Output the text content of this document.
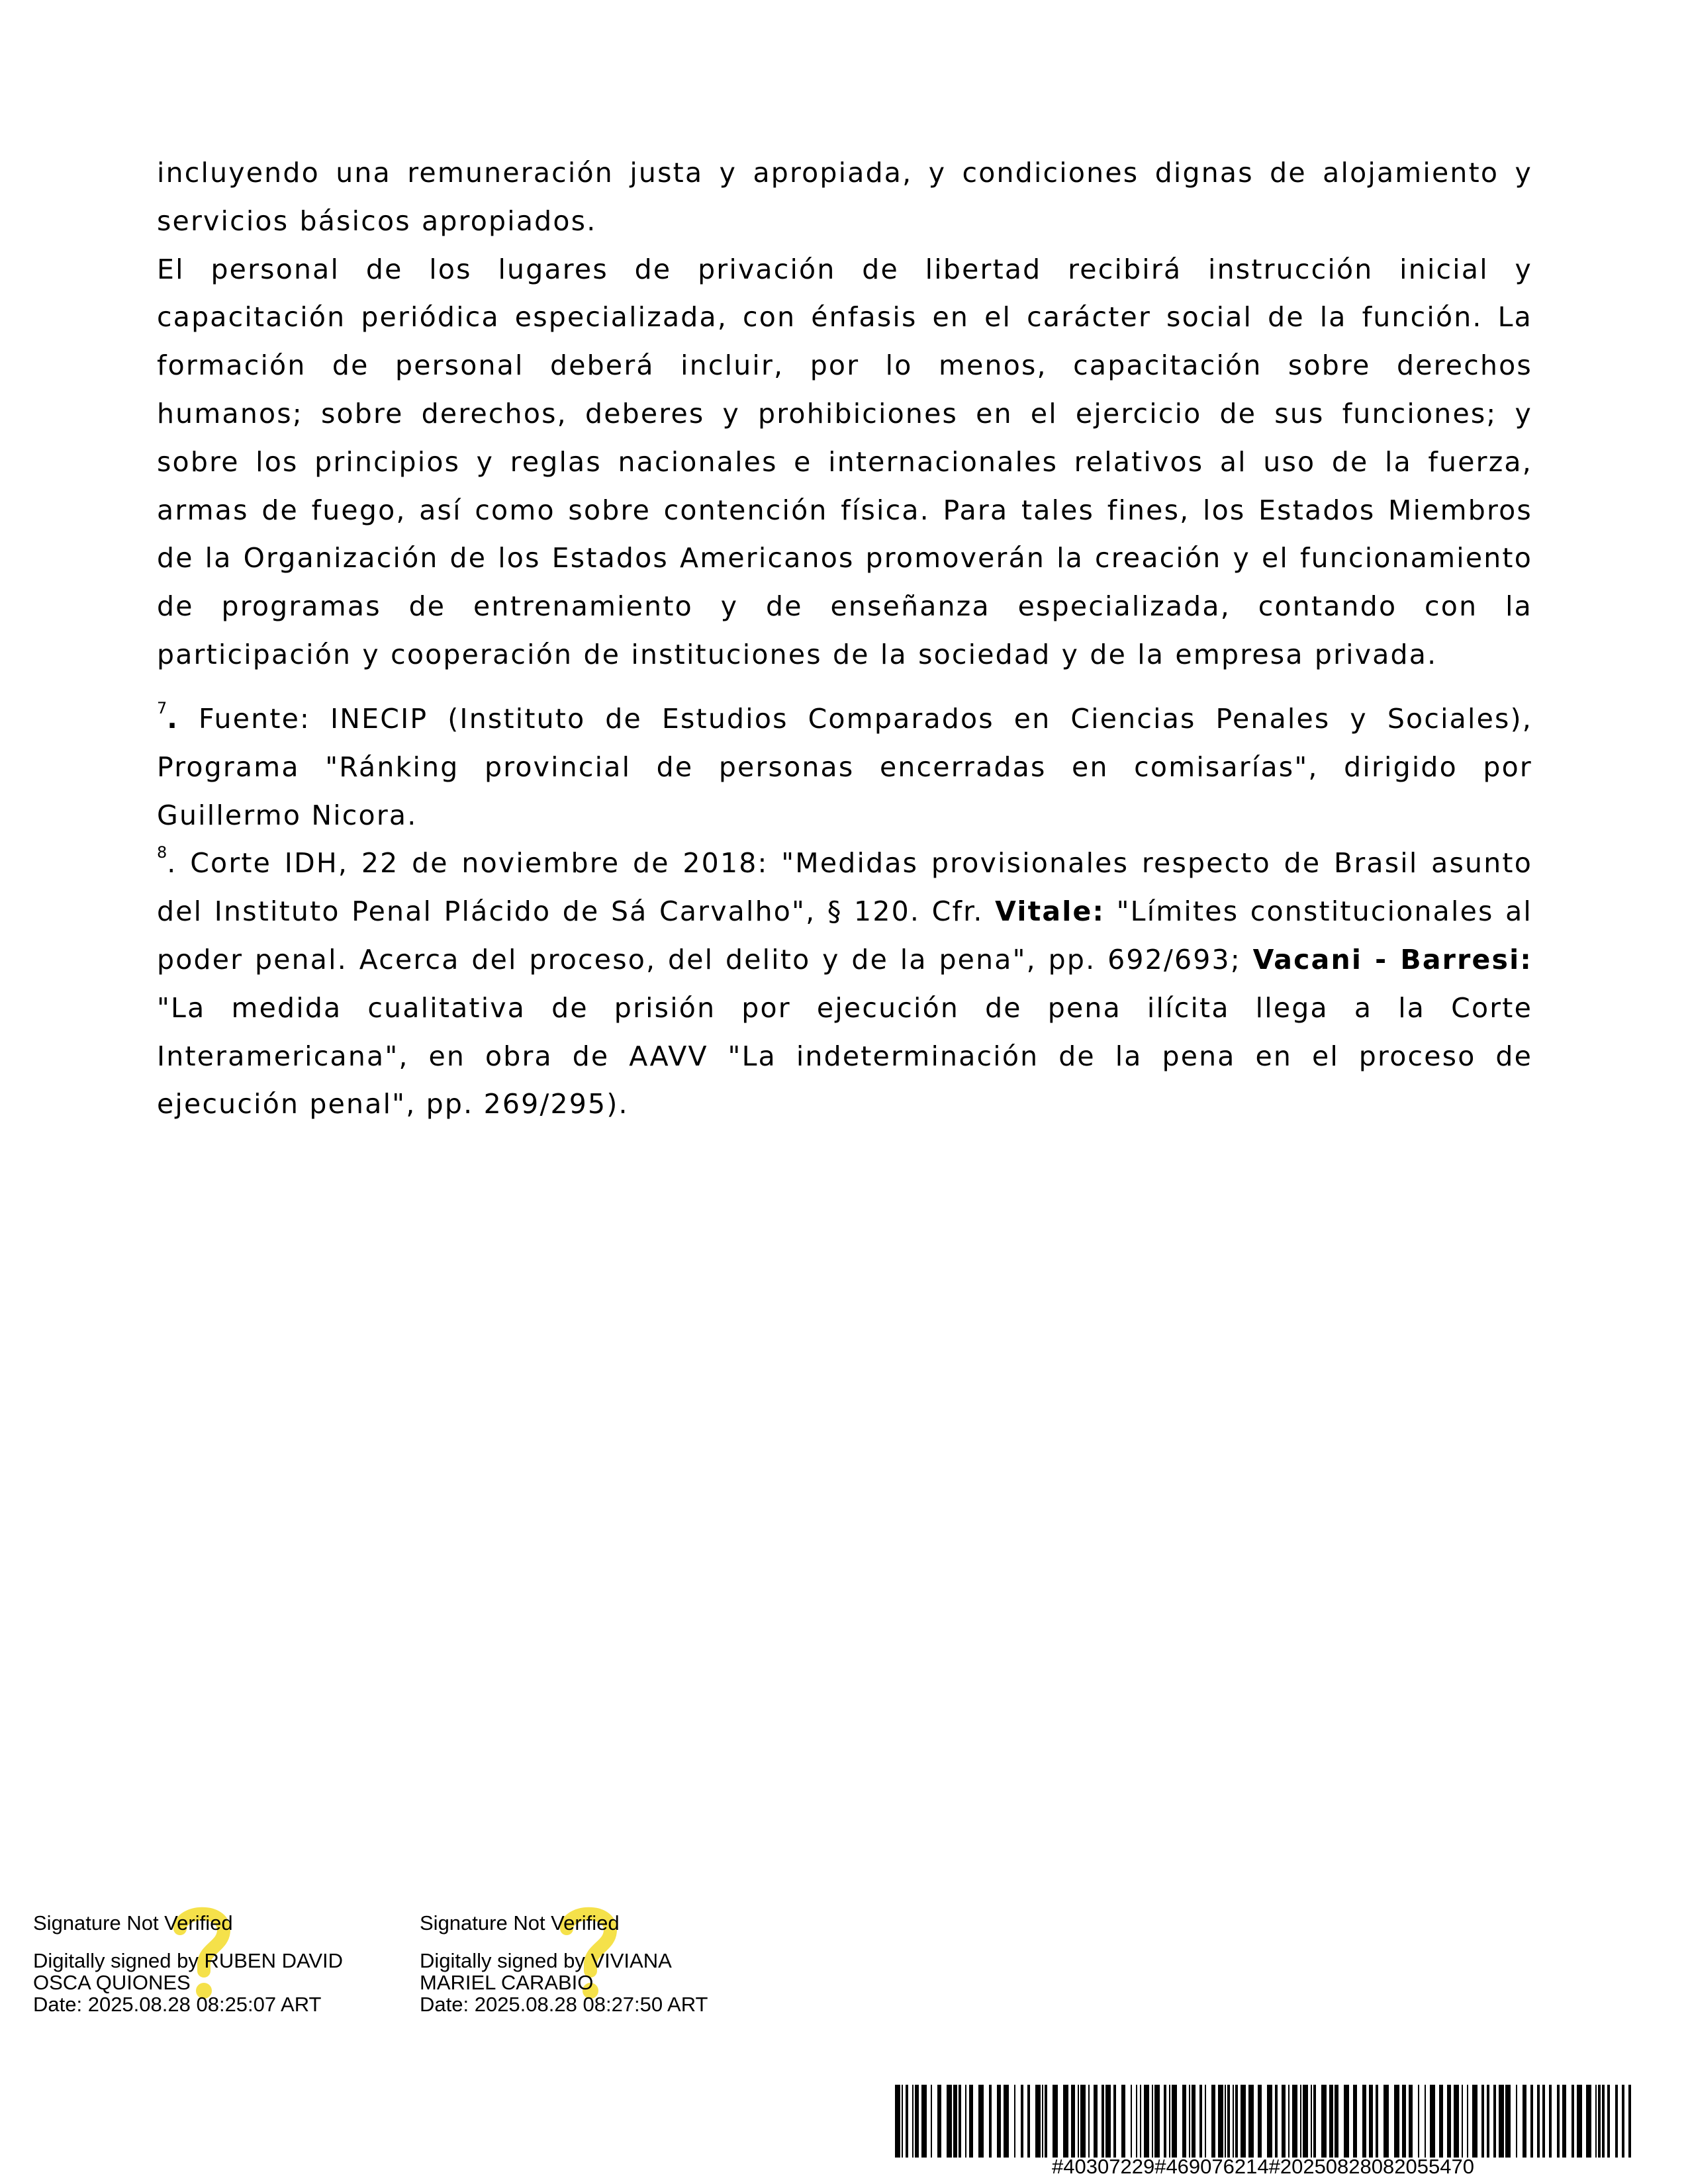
incluyendo una remuneración justa y apropiada, y condiciones dignas de alojamiento y servicios básicos apropiados.

El personal de los lugares de privación de libertad recibirá instrucción inicial y capacitación periódica especializada, con énfasis en el carácter social de la función. La formación de personal deberá incluir, por lo menos, capacitación sobre derechos humanos; sobre derechos, deberes y prohibiciones en el ejercicio de sus funciones; y sobre los principios y reglas nacionales e internacionales relativos al uso de la fuerza, armas de fuego, así como sobre contención física. Para tales fines, los Estados Miembros de la Organización de los Estados Americanos promoverán la creación y el funcionamiento de programas de entrenamiento y de enseñanza especializada, contando con la participación y cooperación de instituciones de la sociedad y de la empresa privada.

$^7$. Fuente: INECIP (Instituto de Estudios Comparados en Ciencias Penales y Sociales), Programa "Ránking provincial de personas encerradas en comisarías", dirigido por Guillermo Nicora.

$^8$. Corte IDH, 22 de noviembre de 2018: "Medidas provisionales respecto de Brasil asunto del Instituto Penal Plácido de Sá Carvalho", § 120. Cfr. Vitale: "Límites constitucionales al poder penal. Acerca del proceso, del delito y de la pena", pp. 692/693; Vacani - Barresi: "La medida cualitativa de prisión por ejecución de pena ilícita llega a la Corte Interamericana", en obra de AAVV "La indeterminación de la pena en el proceso de ejecución penal", pp. 269/295).

Signature Not Verified
Digitally signed by RUBEN DAVID
OSCA QUIONES
Date: 2025.08.28 08:25:07 ART
Signature Not Verified
Digitally signed by VIVIANA
MARIEL CARABIO
Date: 2025.08.28 08:27:50 ART
#40307229#469076214#20250828082055470
